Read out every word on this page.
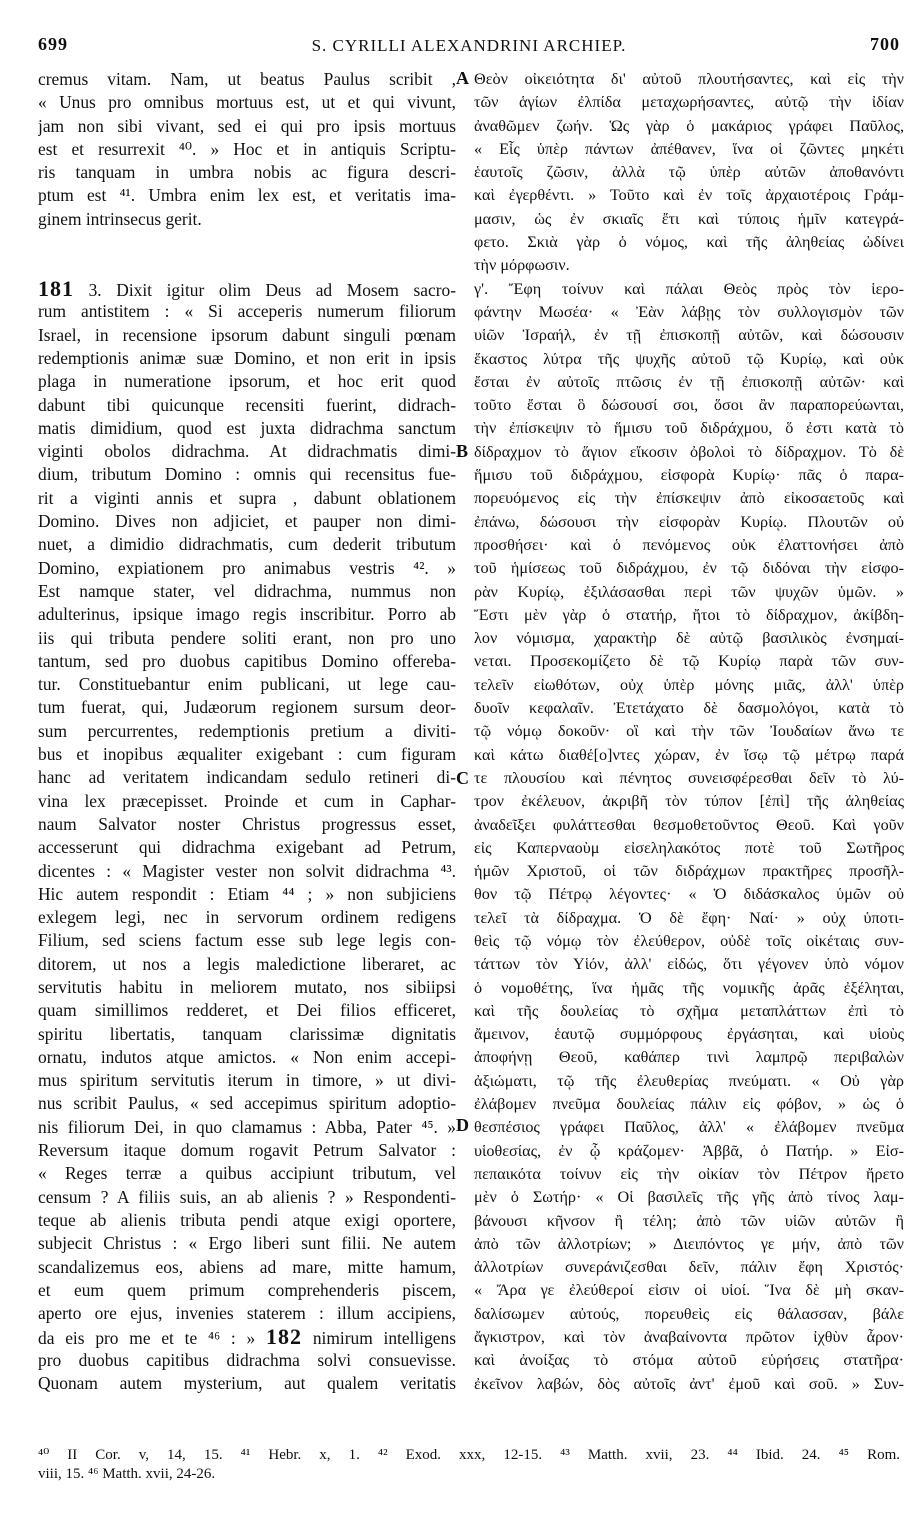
699	S. CYRILLI ALEXANDRINI ARCHIEP.	700
cremus vitam. Nam, ut beatus Paulus scribit ,
« Unus pro omnibus mortuus est, ut et qui vivunt,
jam non sibi vivant, sed ei qui pro ipsis mortuus
est et resurrexit ⁴⁰. » Hoc et in antiquis Scriptu-
ris tanquam in umbra nobis ac figura descri-
ptum est ⁴¹. Umbra enim lex est, et veritatis ima-
ginem intrinsecus gerit.
181 3. Dixit igitur olim Deus ad Mosem sacro-
rum antistitem : « Si acceperis numerum filiorum
Israel, in recensione ipsorum dabunt singuli pœnam
redemptionis animæ suæ Domino, et non erit in ipsis
plaga in numeratione ipsorum, et hoc erit quod
dabunt tibi quicunque recensiti fuerint, didrach-
matis dimidium, quod est juxta didrachma sanctum
viginti obolos didrachma. At didrachmatis dimi-
dium, tributum Domino : omnis qui recensitus fue-
rit a viginti annis et supra , dabunt oblationem
Domino. Dives non adjiciet, et pauper non dimi-
nuet, a dimidio didrachmatis, cum dederit tributum
Domino, expiationem pro animabus vestris ⁴². »
Est namque stater, vel didrachma, nummus non
adulterinus, ipsique imago regis inscribitur. Porro ab
iis qui tributa pendere soliti erant, non pro uno
tantum, sed pro duobus capitibus Domino offereba-
tur. Constituebantur enim publicani, ut lege cau-
tum fuerat, qui, Judæorum regionem sursum deor-
sum percurrentes, redemptionis pretium a diviti-
bus et inopibus æqualiter exigebant : cum figuram
hanc ad veritatem indicandam sedulo retineri di-
vina lex præcepisset. Proinde et cum in Caphar-
naum Salvator noster Christus progressus esset,
accesserunt qui didrachma exigebant ad Petrum,
dicentes : « Magister vester non solvit didrachma ⁴³.
Hic autem respondit : Etiam ⁴⁴ ; » non subjiciens
exlegem legi, nec in servorum ordinem redigens
Filium, sed sciens factum esse sub lege legis con-
ditorem, ut nos a legis maledictione liberaret, ac
servitutis habitu in meliorem mutato, nos sibiipsi
quam simillimos redderet, et Dei filios efficeret,
spiritu libertatis, tanquam clarissimæ dignitatis
ornatu, indutos atque amictos. « Non enim accepi-
mus spiritum servitutis iterum in timore, » ut divi-
nus scribit Paulus, « sed accepimus spiritum adoptio-
nis filiorum Dei, in quo clamamus : Abba, Pater ⁴⁵. »
Reversum itaque domum rogavit Petrum Salvator :
« Reges terræ a quibus accipiunt tributum, vel
censum ? A filiis suis, an ab alienis ? » Respondenti-
teque ab alienis tributa pendi atque exigi oportere,
subjecit Christus : « Ergo liberi sunt filii. Ne autem
scandalizemus eos, abiens ad mare, mitte hamum,
et eum quem primum comprehenderis piscem,
aperto ore ejus, invenies staterem : illum accipiens,
da eis pro me et te ⁴⁶ : » 182 nimirum intelligens
pro duobus capitibus didrachma solvi consuevisse.
Quonam autem mysterium, aut qualem veritatis
A
B
C
D
Θεὸν οἰκειότητα δι' αὐτοῦ πλουτήσαντες, καὶ εἰς τὴν
τῶν ἁγίων ἐλπίδα μεταχωρήσαντες, αὐτῷ τὴν ἰδίαν
ἀναθῶμεν ζωήν. Ὡς γὰρ ὁ μακάριος γράφει Παῦλος,
« Εἷς ὑπὲρ πάντων ἀπέθανεν, ἵνα οἱ ζῶντες μηκέτι
ἑαυτοῖς ζῶσιν, ἀλλὰ τῷ ὑπὲρ αὐτῶν ἀποθανόντι
καὶ ἐγερθέντι. » Τοῦτο καὶ ἐν τοῖς ἀρχαιοτέροις Γράμ-
μασιν, ὡς ἐν σκιαῖς ἔτι καὶ τύποις ἡμῖν κατεγρά-
φετο. Σκιὰ γὰρ ὁ νόμος, καὶ τῆς ἀληθείας ὠδίνει
τὴν μόρφωσιν.
γ'. Ἔφη τοίνυν καὶ πάλαι Θεὸς πρὸς τὸν ἱερο-
φάντην Μωσέα· « Ἐὰν λάβῃς τὸν συλλογισμὸν τῶν
υἱῶν Ἰσραήλ, ἐν τῇ ἐπισκοπῇ αὐτῶν, καὶ δώσουσιν
ἕκαστος λύτρα τῆς ψυχῆς αὐτοῦ τῷ Κυρίῳ, καὶ οὐκ
ἔσται ἐν αὐτοῖς πτῶσις ἐν τῇ ἐπισκοπῇ αὐτῶν· καὶ
τοῦτο ἔσται ὃ δώσουσί σοι, ὅσοι ἂν παραπορεύωνται,
τὴν ἐπίσκεψιν τὸ ἥμισυ τοῦ διδράχμου, ὅ ἐστι κατὰ τὸ
δίδραχμον τὸ ἅγιον εἴκοσιν ὀβολοὶ τὸ δίδραχμον. Τὸ δὲ
ἥμισυ τοῦ διδράχμου, εἰσφορὰ Κυρίῳ· πᾶς ὁ παρα-
πορευόμενος εἰς τὴν ἐπίσκεψιν ἀπὸ εἰκοσαετοῦς καὶ
ἐπάνω, δώσουσι τὴν εἰσφορὰν Κυρίῳ. Πλουτῶν οὐ
προσθήσει· καὶ ὁ πενόμενος οὐκ ἐλαττονήσει ἀπὸ
τοῦ ἡμίσεως τοῦ διδράχμου, ἐν τῷ διδόναι τὴν εἰσφο-
ρὰν Κυρίῳ, ἐξιλάσασθαι περὶ τῶν ψυχῶν ὑμῶν. »
Ἔστι μὲν γὰρ ὁ στατήρ, ἤτοι τὸ δίδραχμον, ἀκίβδη-
λον νόμισμα, χαρακτὴρ δὲ αὐτῷ βασιλικὸς ἐνσημαί-
νεται. Προσεκομίζετο δὲ τῷ Κυρίῳ παρὰ τῶν συν-
τελεῖν εἰωθότων, οὐχ ὑπὲρ μόνης μιᾶς, ἀλλ' ὑπὲρ
δυοῖν κεφαλαῖν. Ἐτετάχατο δὲ δασμολόγοι, κατὰ τὸ
τῷ νόμῳ δοκοῦν· οἳ καὶ τὴν τῶν Ἰουδαίων ἄνω τε
καὶ κάτω διαθέ[ο]ντες χώραν, ἐν ἴσῳ τῷ μέτρῳ παρά
τε πλουσίου καὶ πένητος συνεισφέρεσθαι δεῖν τὸ λύ-
τρον ἐκέλευον, ἀκριβῆ τὸν τύπον [ἐπὶ] τῆς ἀληθείας
ἀναδεῖξει φυλάττεσθαι θεσμοθετοῦντος Θεοῦ. Καὶ γοῦν
εἰς Καπερναοὺμ εἰσεληλακότος ποτὲ τοῦ Σωτῆρος
ἡμῶν Χριστοῦ, οἱ τῶν διδράχμων πρακτῆρες προσῆλ-
θον τῷ Πέτρῳ λέγοντες· « Ὁ διδάσκαλος ὑμῶν οὐ
τελεῖ τὰ δίδραχμα. Ὁ δὲ ἔφη· Ναί· » οὐχ ὑποτι-
θεὶς τῷ νόμῳ τὸν ἐλεύθερον, οὐδὲ τοῖς οἰκέταις συν-
τάττων τὸν Υἱόν, ἀλλ' εἰδώς, ὅτι γέγονεν ὑπὸ νόμον
ὁ νομοθέτης, ἵνα ἡμᾶς τῆς νομικῆς ἀρᾶς ἐξέληται,
καὶ τῆς δουλείας τὸ σχῆμα μεταπλάττων ἐπὶ τὸ
ἄμεινον, ἑαυτῷ συμμόρφους ἐργάσηται, καὶ υἱοὺς
ἀποφήνῃ Θεοῦ, καθάπερ τινὶ λαμπρῷ περιβαλὼν
ἀξιώματι, τῷ τῆς ἐλευθερίας πνεύματι. « Οὐ γὰρ
ἐλάβομεν πνεῦμα δουλείας πάλιν εἰς φόβον, » ὡς ὁ
θεσπέσιος γράφει Παῦλος, ἀλλ' « ἐλάβομεν πνεῦμα
υἱοθεσίας, ἐν ᾧ κράζομεν· Ἀββᾶ, ὁ Πατήρ. » Εἰσ-
πεπαικότα τοίνυν εἰς τὴν οἰκίαν τὸν Πέτρον ἤρετο
μὲν ὁ Σωτήρ· « Οἱ βασιλεῖς τῆς γῆς ἀπὸ τίνος λαμ-
βάνουσι κῆνσον ἢ τέλη; ἀπὸ τῶν υἱῶν αὐτῶν ἢ
ἀπὸ τῶν ἀλλοτρίων; » Διειπόντος γε μήν, ἀπὸ τῶν
ἀλλοτρίων συνεράνιζεσθαι δεῖν, πάλιν ἔφη Χριστός·
« Ἄρα γε ἐλεύθεροί εἰσιν οἱ υἱοί. Ἵνα δὲ μὴ σκαν-
δαλίσωμεν αὐτούς, πορευθεὶς εἰς θάλασσαν, βάλε
ἄγκιστρον, καὶ τὸν ἀναβαίνοντα πρῶτον ἰχθὺν ἆρον·
καὶ ἀνοίξας τὸ στόμα αὐτοῦ εὑρήσεις στατῆρα·
ἐκεῖνον λαβών, δὸς αὐτοῖς ἀντ' ἐμοῦ καὶ σοῦ. » Συν-
⁴⁰ II Cor. v, 14, 15. ⁴¹ Hebr. x, 1. ⁴² Exod. xxx, 12-15. ⁴³ Matth. xvii, 23. ⁴⁴ Ibid. 24. ⁴⁵ Rom.
viii, 15. ⁴⁶ Matth. xvii, 24-26.
